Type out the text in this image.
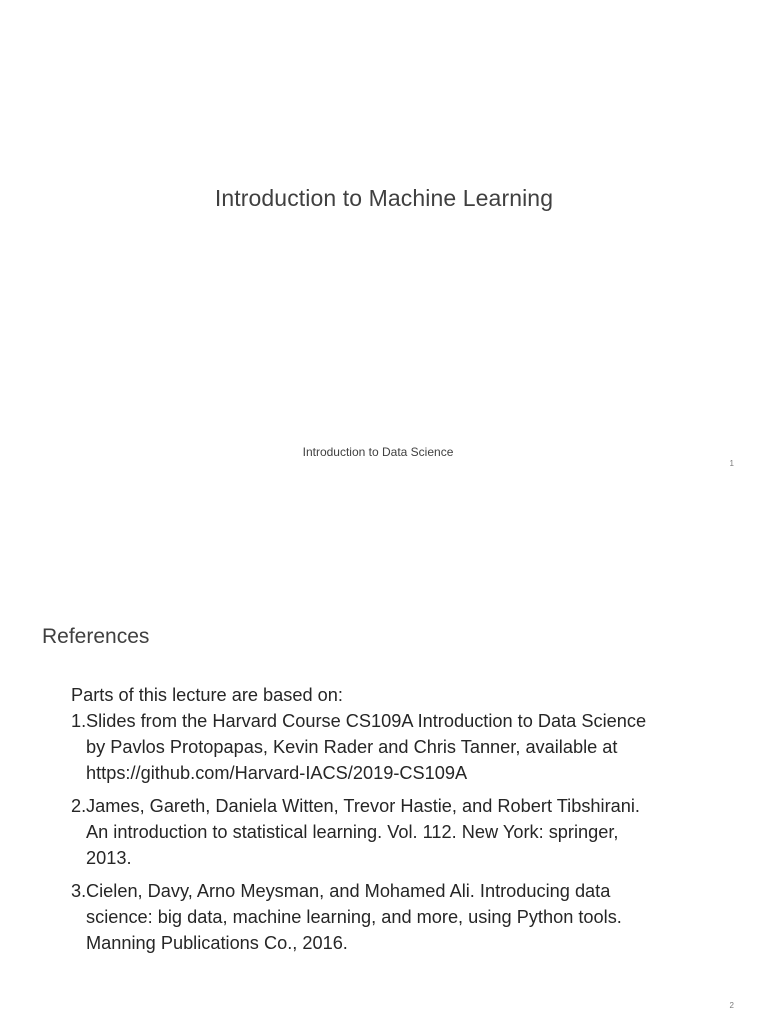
Introduction to Machine Learning
Introduction to Data Science
1
References
Parts of this lecture are based on:
1. Slides from the Harvard Course CS109A Introduction to Data Science
by Pavlos Protopapas, Kevin Rader and Chris Tanner, available at
https://github.com/Harvard-IACS/2019-CS109A
2. James, Gareth, Daniela Witten, Trevor Hastie, and Robert Tibshirani.
An introduction to statistical learning. Vol. 112. New York: springer,
2013.
3. Cielen, Davy, Arno Meysman, and Mohamed Ali. Introducing data
science: big data, machine learning, and more, using Python tools.
Manning Publications Co., 2016.
2
